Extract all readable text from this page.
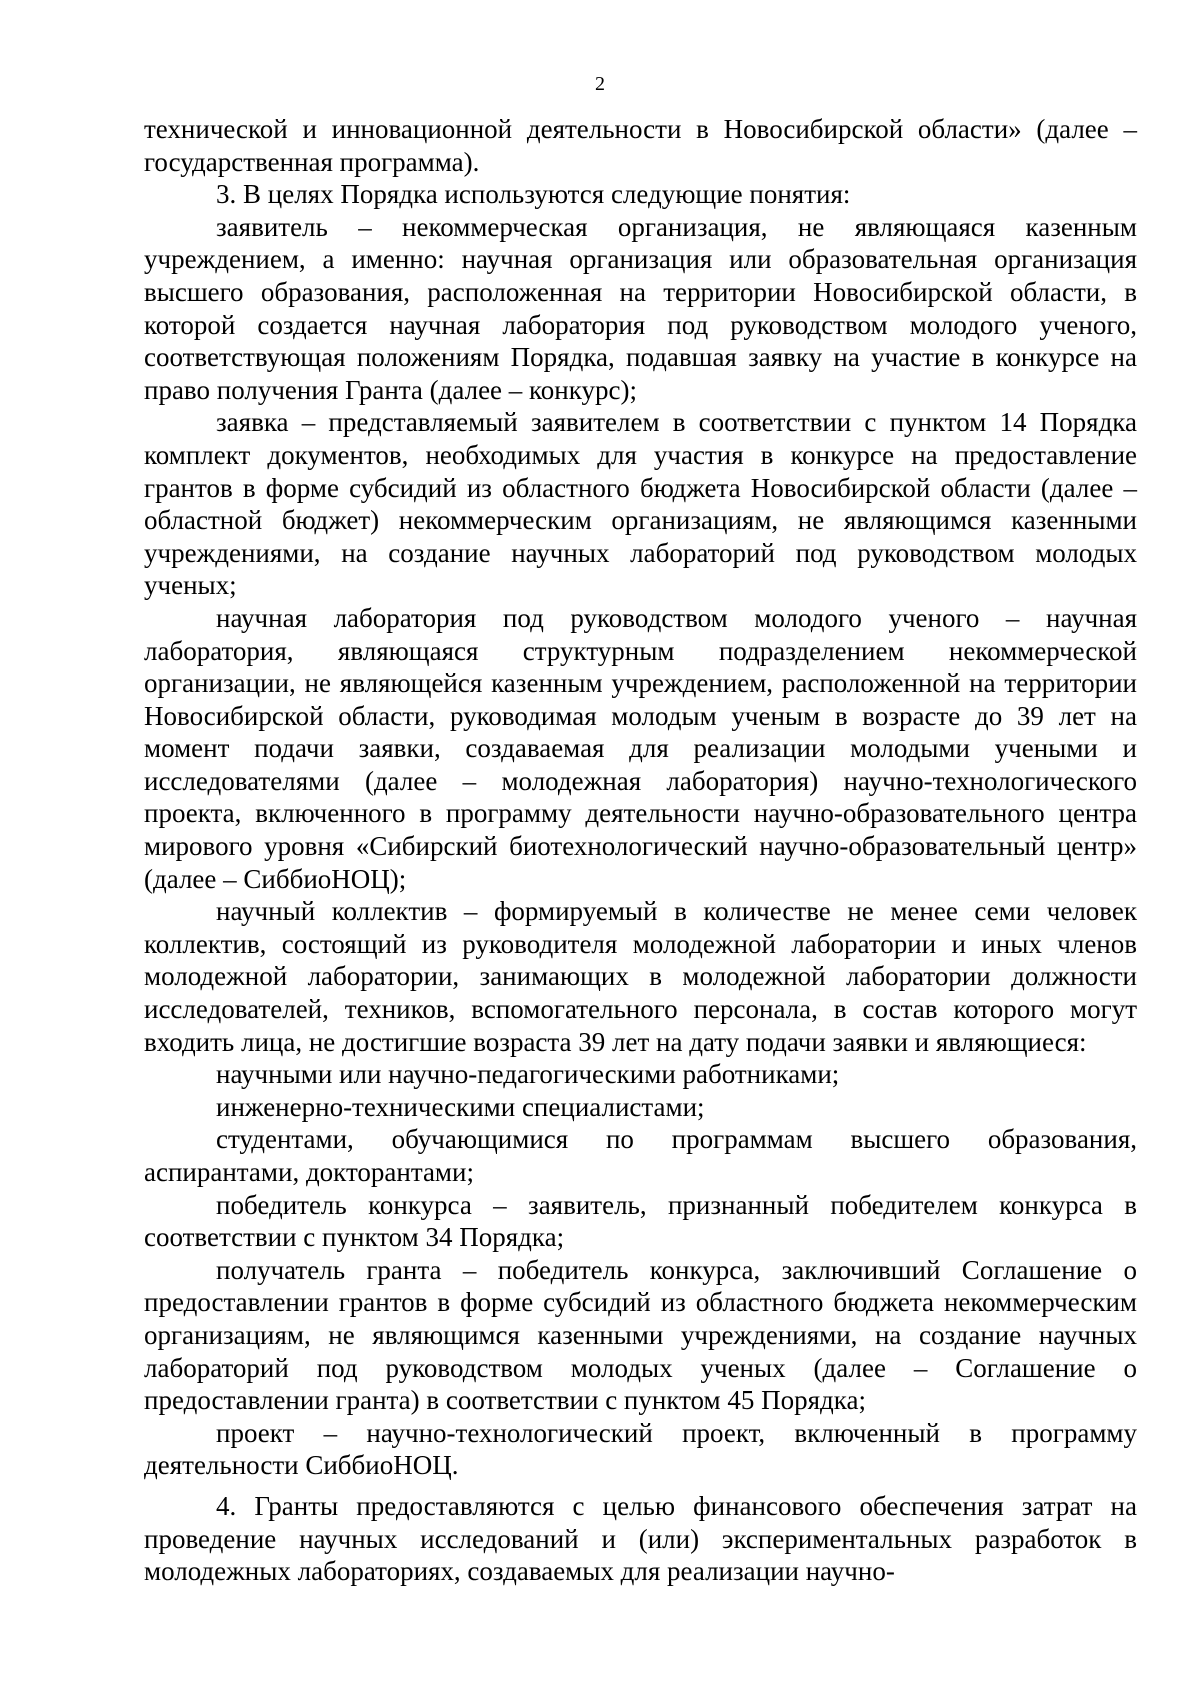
2

технической и инновационной деятельности в Новосибирской области» (далее – государственная программа).

3. В целях Порядка используются следующие понятия:

заявитель – некоммерческая организация, не являющаяся казенным учреждением, а именно: научная организация или образовательная организация высшего образования, расположенная на территории Новосибирской области, в которой создается научная лаборатория под руководством молодого ученого, соответствующая положениям Порядка, подавшая заявку на участие в конкурсе на право получения Гранта (далее – конкурс);

заявка – представляемый заявителем в соответствии с пунктом 14 Порядка комплект документов, необходимых для участия в конкурсе на предоставление грантов в форме субсидий из областного бюджета Новосибирской области (далее – областной бюджет) некоммерческим организациям, не являющимся казенными учреждениями, на создание научных лабораторий под руководством молодых ученых;

научная лаборатория под руководством молодого ученого – научная лаборатория, являющаяся структурным подразделением некоммерческой организации, не являющейся казенным учреждением, расположенной на территории Новосибирской области, руководимая молодым ученым в возрасте до 39 лет на момент подачи заявки, создаваемая для реализации молодыми учеными и исследователями (далее – молодежная лаборатория) научно-технологического проекта, включенного в программу деятельности научно-образовательного центра мирового уровня «Сибирский биотехнологический научно-образовательный центр» (далее – СиббиоНОЦ);

научный коллектив – формируемый в количестве не менее семи человек коллектив, состоящий из руководителя молодежной лаборатории и иных членов молодежной лаборатории, занимающих в молодежной лаборатории должности исследователей, техников, вспомогательного персонала, в состав которого могут входить лица, не достигшие возраста 39 лет на дату подачи заявки и являющиеся:

научными или научно-педагогическими работниками;

инженерно-техническими специалистами;

студентами, обучающимися по программам высшего образования, аспирантами, докторантами;

победитель конкурса – заявитель, признанный победителем конкурса в соответствии с пунктом 34 Порядка;

получатель гранта – победитель конкурса, заключивший Соглашение о предоставлении грантов в форме субсидий из областного бюджета некоммерческим организациям, не являющимся казенными учреждениями, на создание научных лабораторий под руководством молодых ученых (далее – Соглашение о предоставлении гранта) в соответствии с пунктом 45 Порядка;

проект – научно-технологический проект, включенный в программу деятельности СиббиоНОЦ.

4. Гранты предоставляются с целью финансового обеспечения затрат на проведение научных исследований и (или) экспериментальных разработок в молодежных лабораториях, создаваемых для реализации научно-
